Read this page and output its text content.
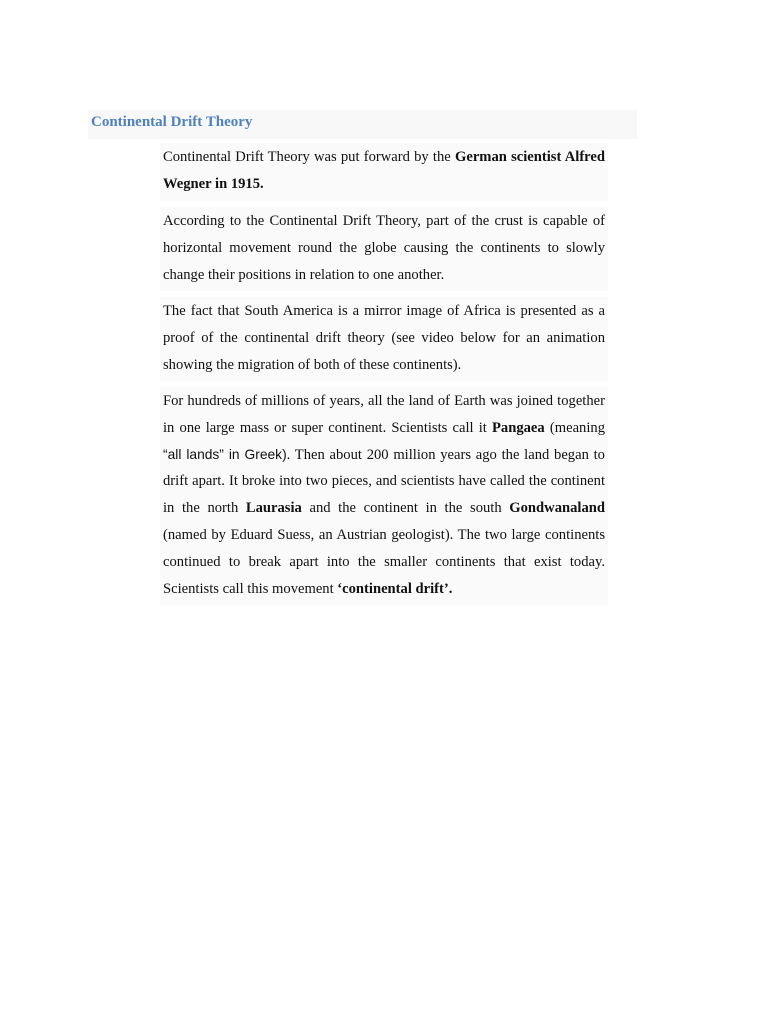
Continental Drift Theory

Continental Drift Theory was put forward by the German scientist Alfred Wegner in 1915.

According to the Continental Drift Theory, part of the crust is capable of horizontal movement round the globe causing the continents to slowly change their positions in relation to one another.

The fact that South America is a mirror image of Africa is presented as a proof of the continental drift theory (see video below for an animation showing the migration of both of these continents).

For hundreds of millions of years, all the land of Earth was joined together in one large mass or super continent. Scientists call it Pangaea (meaning “all lands” in Greek). Then about 200 million years ago the land began to drift apart. It broke into two pieces, and scientists have called the continent in the north Laurasia and the continent in the south Gondwanaland (named by Eduard Suess, an Austrian geologist). The two large continents continued to break apart into the smaller continents that exist today. Scientists call this movement ‘continental drift’.
